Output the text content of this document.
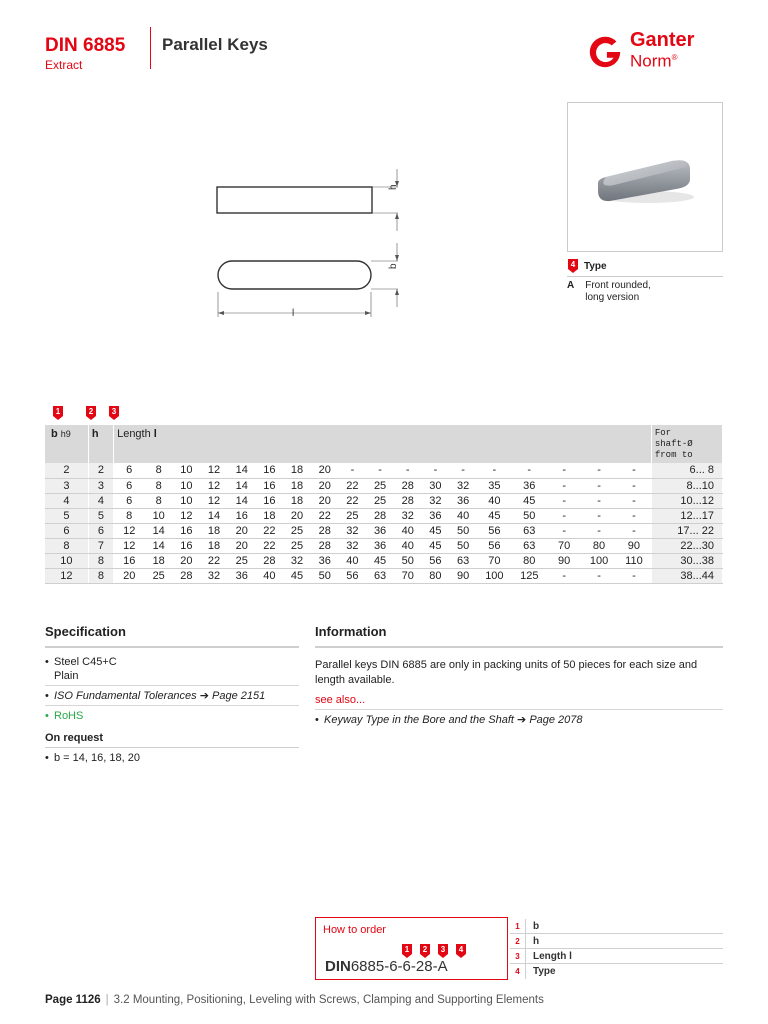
DIN 6885
Extract
Parallel Keys	Ganter
Norm®
h
b
l
4 Type
A Front rounded,
long version
1	2	3
b h9	h	Length l																		For
shaft-Ø
from to

2	2	6	8	10	12	14	16	18	20	-	-	-	-	-	-	-	-	-	-	6... 8
3	3	6	8	10	12	14	16	18	20	22	25	28	30	32	35	36	-	-	-	8...10
4	4	6	8	10	12	14	16	18	20	22	25	28	32	36	40	45	-	-	-	10...12
5	5	8	10	12	14	16	18	20	22	25	28	32	36	40	45	50	-	-	-	12...17
6	6	12	14	16	18	20	22	25	28	32	36	40	45	50	56	63	-	-	-	17... 22
8	7	12	14	16	18	20	22	25	28	32	36	40	45	50	56	63	70	80	90	22...30
10	8	16	18	20	22	25	28	32	36	40	45	50	56	63	70	80	90	100	110	30...38
12	8	20	25	28	32	36	40	45	50	56	63	70	80	90	100	125	-	-	-	38...44
Specification
• Steel C45+C
Plain
• ISO Fundamental Tolerances ➔ Page 2151
• RoHS
On request
• b = 14, 16, 18, 20
Information
Parallel keys DIN 6885 are only in packing units of 50 pieces for each size and length available.
see also...
• Keyway Type in the Bore and the Shaft ➔ Page 2078
How to order
1	2	3	4
DIN6885-6-6-28-A
1	b
2	h
3	Length l
4	Type
Page 1126 | 3.2 Mounting, Positioning, Leveling with Screws, Clamping and Supporting Elements
